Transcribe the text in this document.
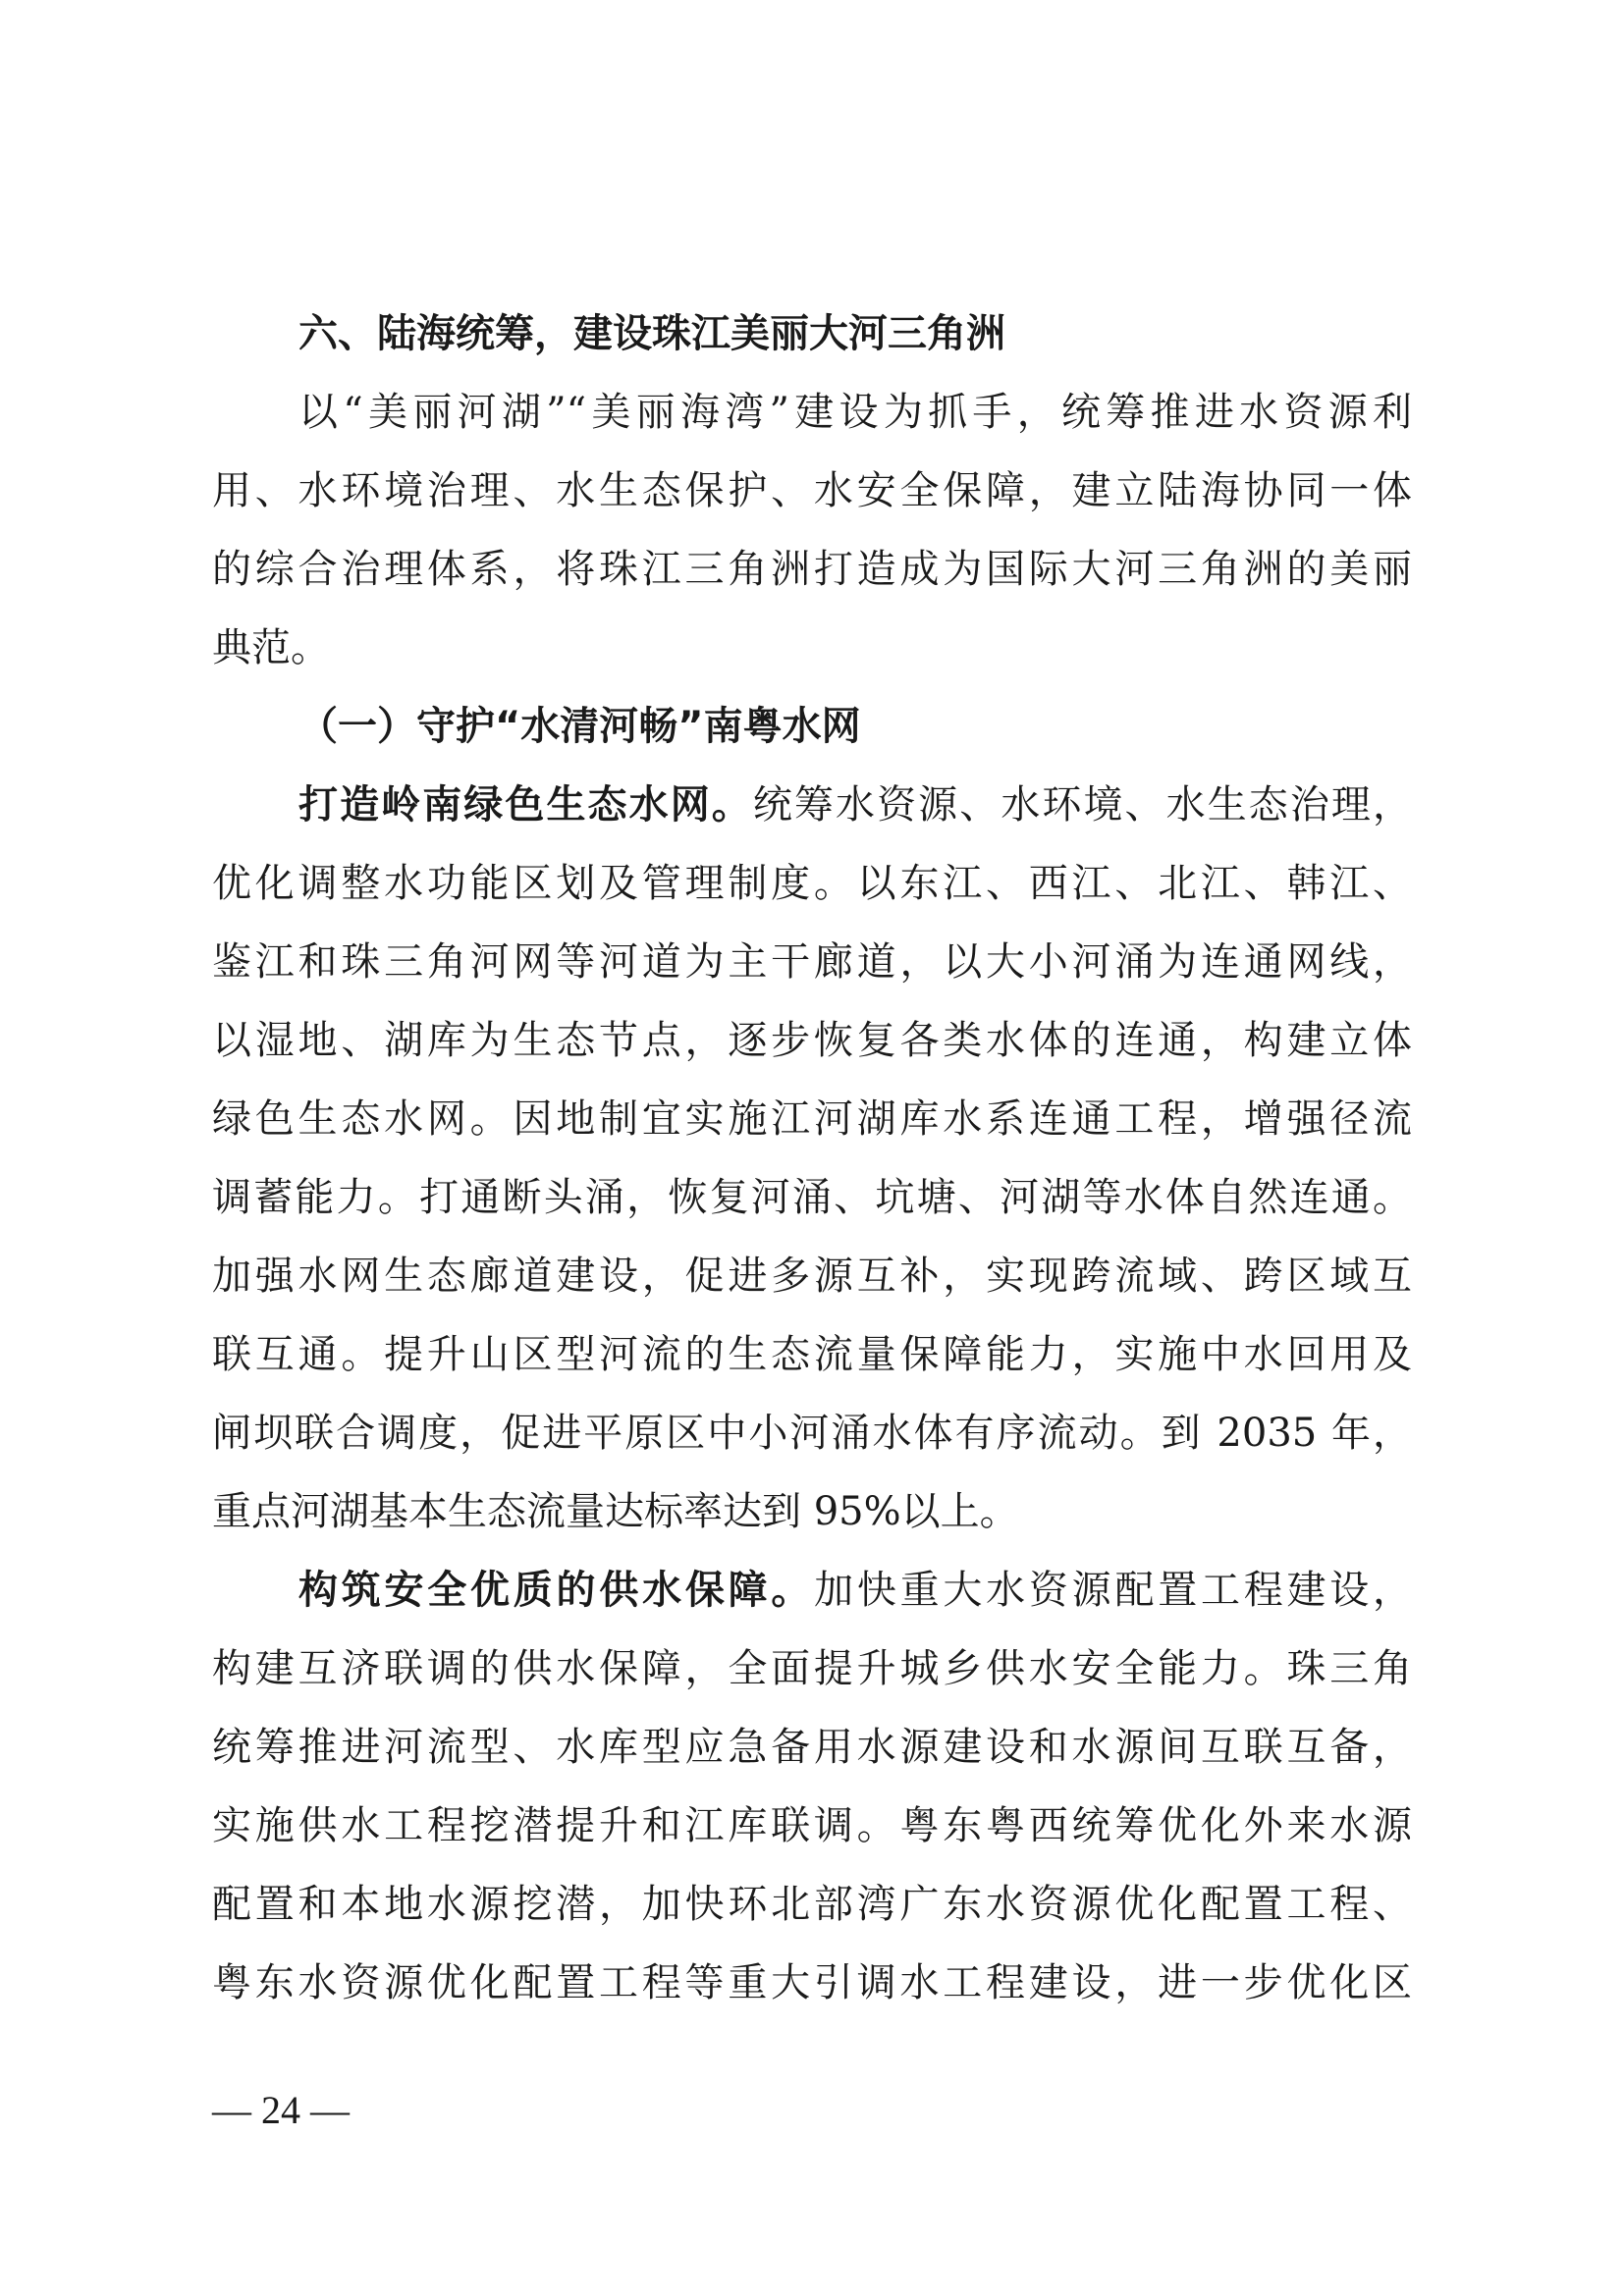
六、陆海统筹，建设珠江美丽大河三角洲
以“美丽河湖”“美丽海湾”建设为抓手，统筹推进水资源利
用、水环境治理、水生态保护、水安全保障，建立陆海协同一体
的综合治理体系，将珠江三角洲打造成为国际大河三角洲的美丽
典范。
（一）守护“水清河畅”南粤水网
打造岭南绿色生态水网。统筹水资源、水环境、水生态治理，
优化调整水功能区划及管理制度。以东江、西江、北江、韩江、
鉴江和珠三角河网等河道为主干廊道，以大小河涌为连通网线，
以湿地、湖库为生态节点，逐步恢复各类水体的连通，构建立体
绿色生态水网。因地制宜实施江河湖库水系连通工程，增强径流
调蓄能力。打通断头涌，恢复河涌、坑塘、河湖等水体自然连通。
加强水网生态廊道建设，促进多源互补，实现跨流域、跨区域互
联互通。提升山区型河流的生态流量保障能力，实施中水回用及
闸坝联合调度，促进平原区中小河涌水体有序流动。到 2035 年，
重点河湖基本生态流量达标率达到 95%以上。
构筑安全优质的供水保障。加快重大水资源配置工程建设，
构建互济联调的供水保障，全面提升城乡供水安全能力。珠三角
统筹推进河流型、水库型应急备用水源建设和水源间互联互备，
实施供水工程挖潜提升和江库联调。粤东粤西统筹优化外来水源
配置和本地水源挖潜，加快环北部湾广东水资源优化配置工程、
粤东水资源优化配置工程等重大引调水工程建设，进一步优化区
— 24 —
